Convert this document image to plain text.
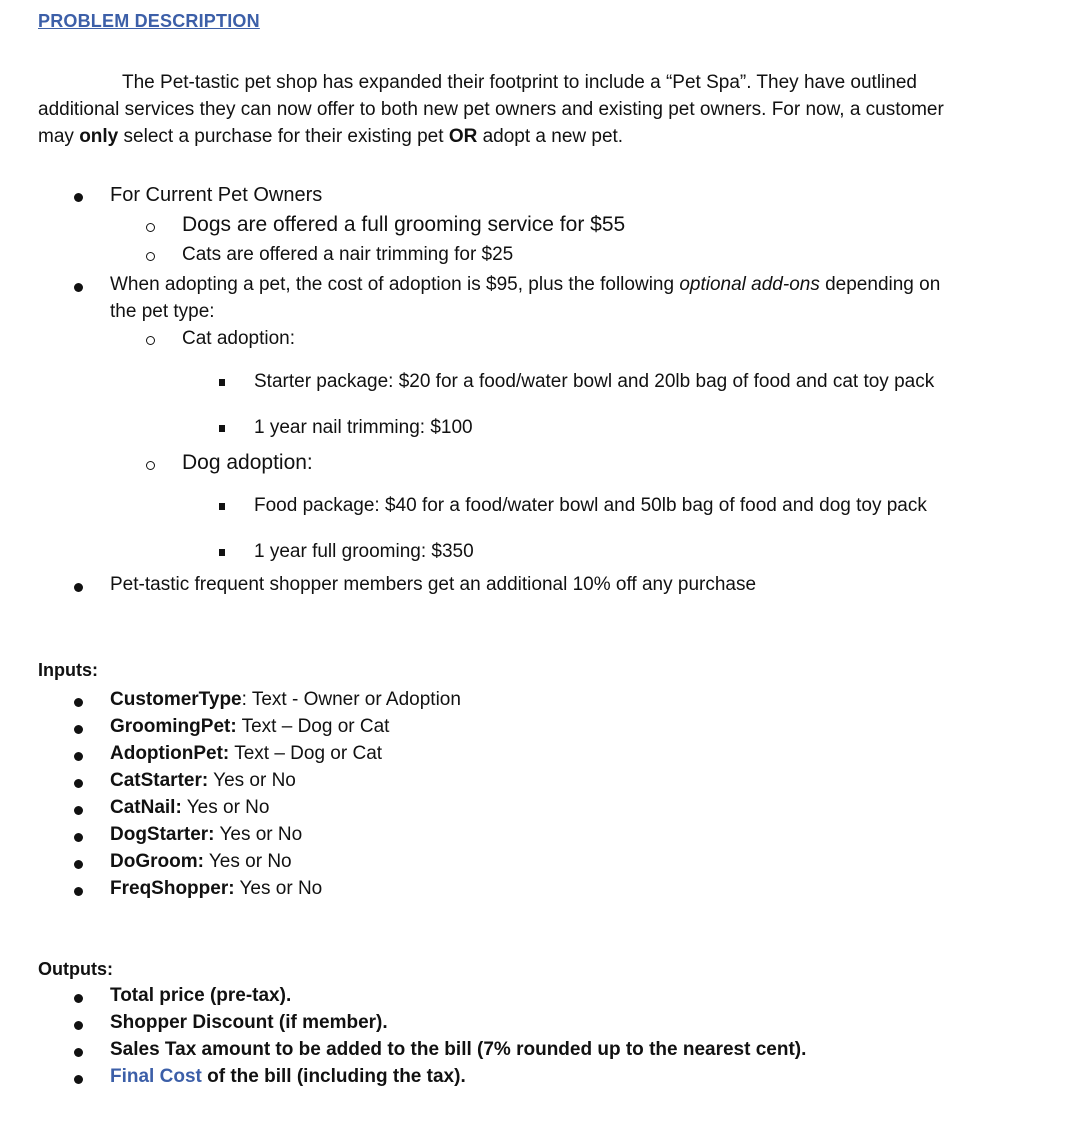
PROBLEM DESCRIPTION
The Pet-tastic pet shop has expanded their footprint to include a “Pet Spa”. They have outlined
additional services they can now offer to both new pet owners and existing pet owners. For now, a customer
may only select a purchase for their existing pet OR adopt a new pet.
For Current Pet Owners
Dogs are offered a full grooming service for $55
Cats are offered a nair trimming for $25
When adopting a pet, the cost of adoption is $95, plus the following optional add-ons depending on
the pet type:
Cat adoption:
Starter package: $20 for a food/water bowl and 20lb bag of food and cat toy pack
1 year nail trimming: $100
Dog adoption:
Food package: $40 for a food/water bowl and 50lb bag of food and dog toy pack
1 year full grooming: $350
Pet-tastic frequent shopper members get an additional 10% off any purchase
Inputs:
CustomerType: Text - Owner or Adoption
GroomingPet: Text – Dog or Cat
AdoptionPet: Text – Dog or Cat
CatStarter: Yes or No
CatNail: Yes or No
DogStarter: Yes or No
DoGroom: Yes or No
FreqShopper: Yes or No
Outputs:
Total price (pre-tax).
Shopper Discount (if member).
Sales Tax amount to be added to the bill (7% rounded up to the nearest cent).
Final Cost of the bill (including the tax).
